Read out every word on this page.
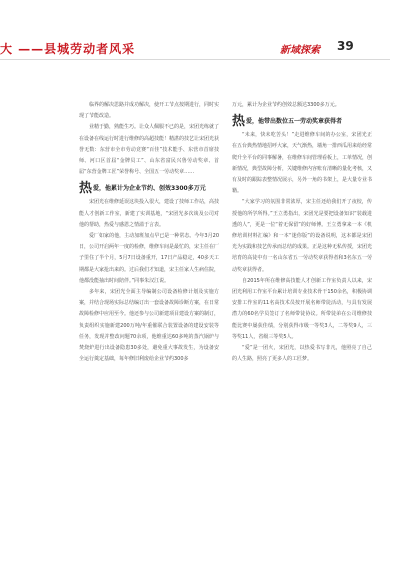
大 ——县城劳动者风采	新域探索 39

临界的解决思路并成功解决，使开工节点按期进行，同时实现了节能改造。

业精于勤，熟能生巧。让众人佩服不已的是，宋团光练就了在设备在线运行时进行维修的高超技能！精湛的技艺让宋团光获誉无数：东营市全市劳动竞赛“百佳”技术能手、东营市首席技师、河口区首届“金牌员工”、山东省富民兴鲁劳动奖章、首届“东营金牌工匠”荣誉称号、全国五一劳动奖章……

热爱，他累计为企业节约、创效3300多万元

宋团光在维修延误这块投入很大，建设了技师工作站，高技能人才创新工作室，新建了实训基地，“宋团光多次谈及公司对他的帮助，热爱与感恩之情溢于言表。

爱厂如家的他，主动加班加点早已是一种常态。今年3月20日，公司开启两年一度的检修，维修车间是最忙的，宋主任在厂子里住了半个月，5月7日设备重开，17日产品稳定，40多天工期都是大家抢出来的。过后我们才知道，宋主任家人生病住院，他都没能抽出时间陪伴。”同事朱汉江说。

多年来，宋团光全面主导编制公司设备检修计划及实施方案，并结合现场实际总结编订出一套设备故障诊断方案，在日常故障检修中应用至今。他还参与公司新建项目建设方案的制订，负责组织实施新建200万吨/年重催联合装置设备的建设安装等任务，发现并整改问题70余项，他维重达60多吨的蒸汽锅炉与焚烧炉进行出设备隐患30多处，避免重大事故发生，为设备安全运行奠定基础，每年修旧利废给企业节约300多

万元，累计为企业节约创效总额达3300多万元。

热爱，他带出数位五一劳动奖章获得者

“未来，快未吃苦头！”走进维修车间的办公室，宋团光正在五台典热情地招呼大家，天气渐热，墙角一排西瓜用来给经常爬升全平台的同事解暑，在维修车间管理看板上，工单情况，创新情况，典型故障分析，关键维修内容账有清晰的量化考核，又有及时的跟踪表整情况展示，另外一角的书架上，是大量专业书籍。

“大家学习的氛围非常浓厚，宋主任还给我们开了夜校，传授他的所学所得。”王立勇指出，宋团光是要把设备知识“装载进透的人”，更是一位“着无保留”的好师傅。王立勇拿来一本《机修培训材料汇编》和一本“迷你版”的设备说明，这本都是宋团光为实践和技艺传承而总结的成果。正是这种无私传授，宋团光培育的高徒中有一名山东省五一劳动奖章获得者和3名东五一劳动奖章获得者。

自2015年所在维修高技能人才创新工作室负责人以来，宋团光利用工作室平台累计培训专业技术骨干150余名，积极协调安排工作室的11名高技术员按开展名师带徒活动，与具有发展潜力的60名学员签订了名师带徒协议。所带徒弟在公司维修技能比赛中屡获佳绩，分别获得市级一等奖3人，二等奖9人，三等奖11人，省级三等奖5人。

“爱”是一团火，宋团光，以热爱书写非凡，他照亮了自己的人生路，照亮了更多人的工匠梦。
